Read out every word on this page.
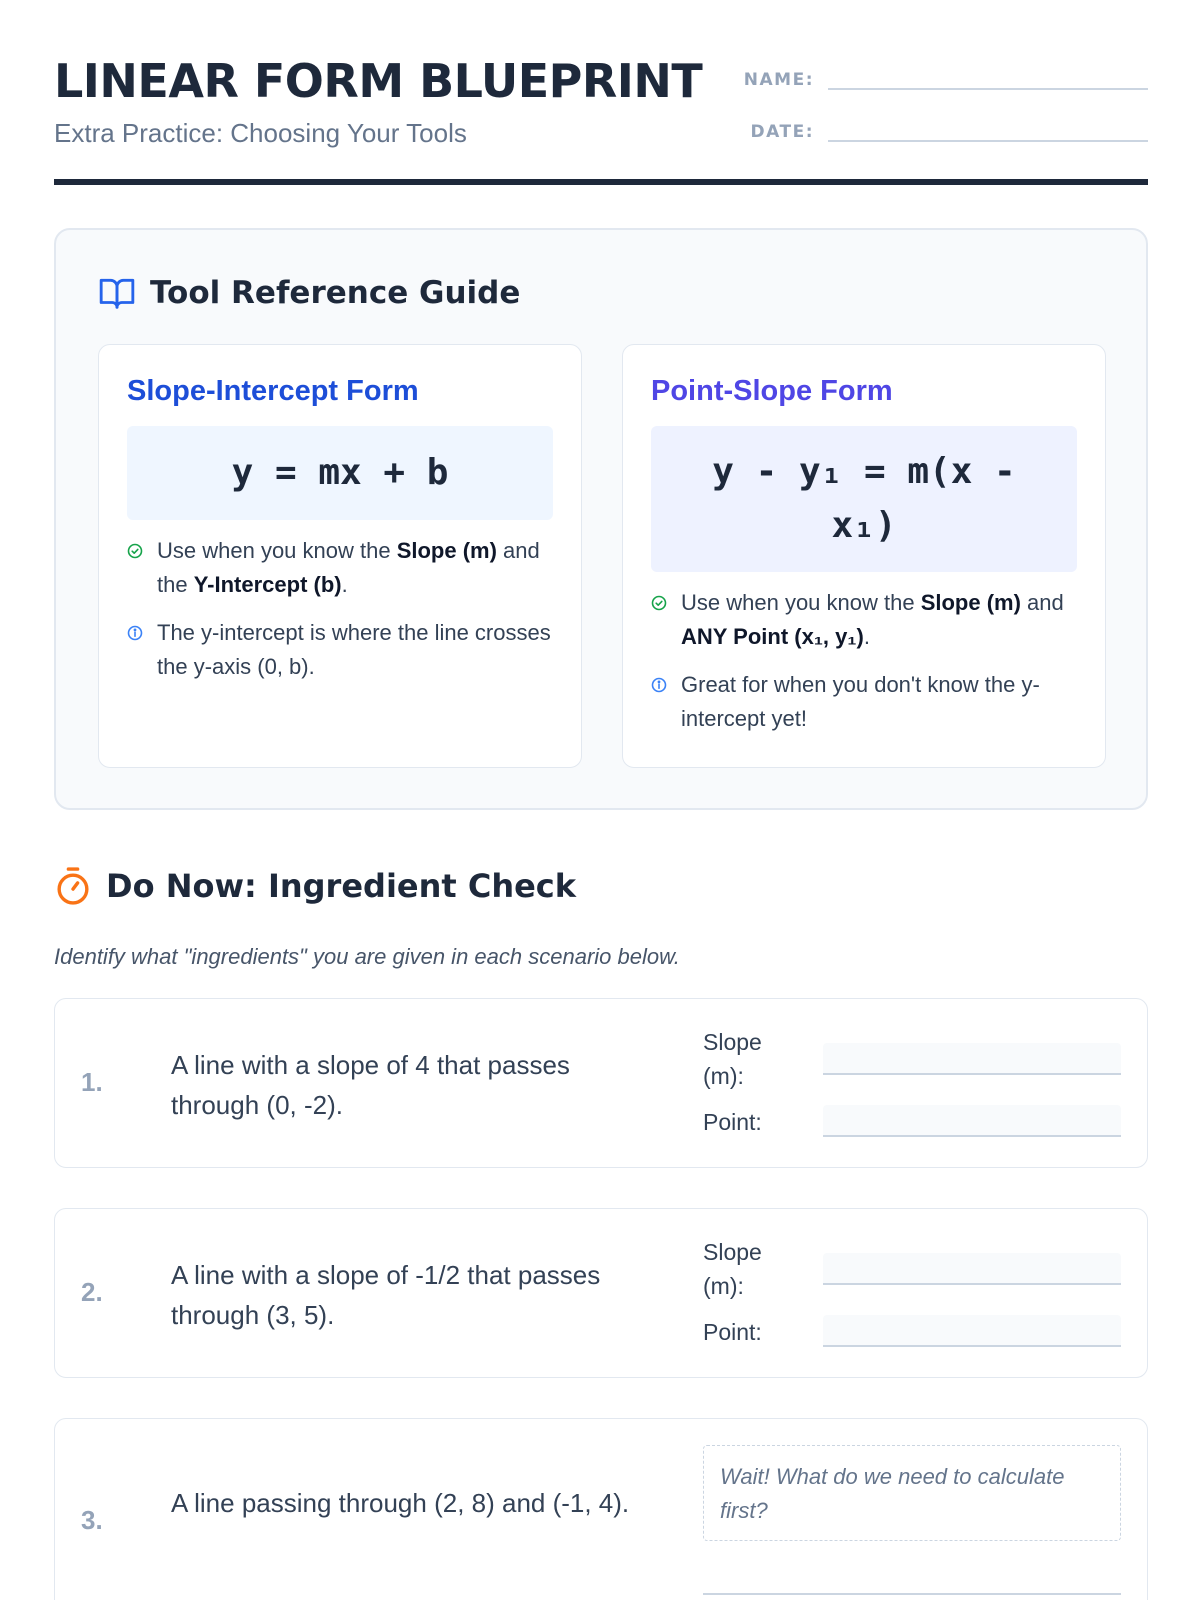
LINEAR FORM BLUEPRINT
Extra Practice: Choosing Your Tools
NAME:
DATE:
Tool Reference Guide
Slope-Intercept Form
y = mx + b
Use when you know the Slope (m) and the Y-Intercept (b).
The y-intercept is where the line crosses the y-axis (0, b).
Point-Slope Form
y - y₁ = m(x - x₁)
Use when you know the Slope (m) and ANY Point (x₁, y₁).
Great for when you don't know the y-intercept yet!
Do Now: Ingredient Check
Identify what "ingredients" you are given in each scenario below.
1.
A line with a slope of 4 that passes through (0, -2).
Slope (m):
Point:
2.
A line with a slope of -1/2 that passes through (3, 5).
Slope (m):
Point:
3.
A line passing through (2, 8) and (-1, 4).
Wait! What do we need to calculate first?
